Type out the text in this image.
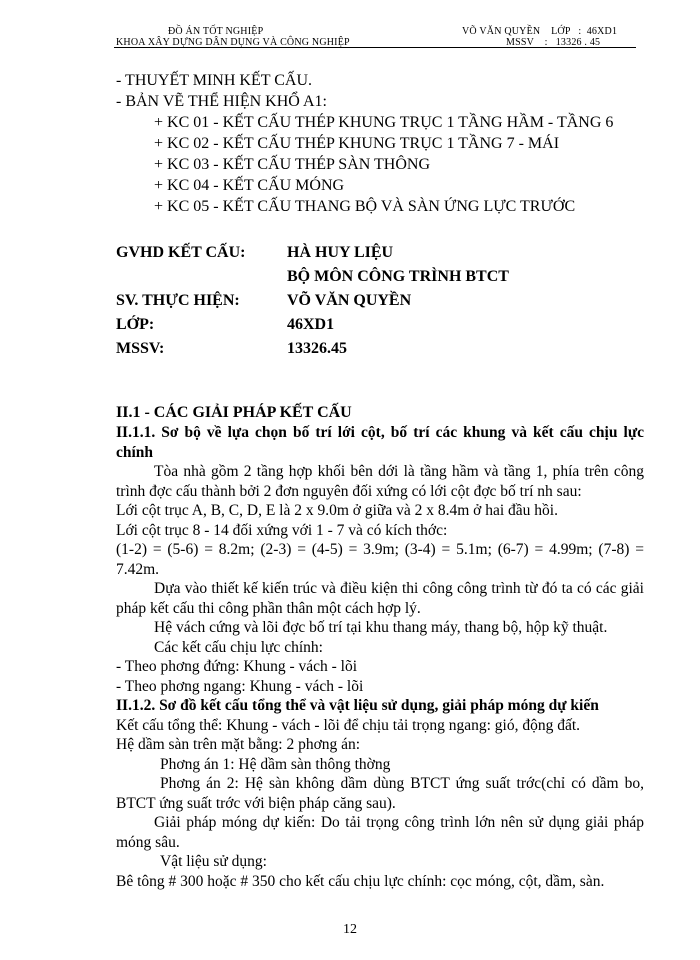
ĐỒ ÁN TỐT NGHIỆP
KHOA XÂY DỰNG DÂN DỤNG VÀ CÔNG NGHIỆP
VÕ VĂN QUYỀN    LỚP   :  46XD1
MSSV    :   13326 . 45
- THUYẾT MINH KẾT CẤU.
- BẢN VẼ THỂ HIỆN KHỔ A1:
+ KC 01 - KẾT CẤU THÉP KHUNG TRỤC 1 TẦNG HẦM - TẦNG 6
+ KC 02 - KẾT CẤU THÉP KHUNG TRỤC 1 TẦNG 7 - MÁI
+ KC 03 - KẾT CẤU THÉP SÀN THÔNG
+ KC 04 - KẾT CẤU MÓNG
+ KC 05 - KẾT CẤU THANG BỘ VÀ SÀN ỨNG LỰC TRƯỚC
GVHD KẾT CẤU:	HÀ HUY LIỆU
BỘ MÔN CÔNG TRÌNH BTCT
SV. THỰC HIỆN:	VÕ VĂN QUYỀN
LỚP:	46XD1
MSSV:	13326.45
II.1 - CÁC GIẢI PHÁP KẾT CẤU
II.1.1. Sơ bộ về lựa chọn bố trí lới cột, bố trí các khung và kết cấu chịu lực chính
Tòa nhà gồm 2 tầng hợp khối bên dới là tầng hầm và tầng 1, phía trên công trình đợc cấu thành bởi 2 đơn nguyên đối xứng có lới cột đợc bố trí nh sau:
Lới cột trục A, B, C, D, E là 2 x 9.0m ở giữa và 2 x 8.4m ở hai đầu hồi.
Lới cột trục 8 - 14 đối xứng với 1 - 7 và có kích thớc:
(1-2) = (5-6) = 8.2m; (2-3) = (4-5) = 3.9m; (3-4) = 5.1m; (6-7) = 4.99m; (7-8) = 7.42m.
Dựa vào thiết kế kiến trúc và điều kiện thi công công trình từ đó ta có các giải pháp kết cấu thi công phần thân một cách hợp lý.
Hệ vách cứng và lõi đợc bố trí tại khu thang máy, thang bộ, hộp kỹ thuật.
Các kết cấu chịu lực chính:
- Theo phơng đứng: Khung - vách - lõi
- Theo phơng ngang: Khung - vách - lõi
II.1.2. Sơ đồ kết cấu tổng thể và vật liệu sử dụng, giải pháp móng dự kiến
Kết cấu tổng thể: Khung - vách - lõi để chịu tải trọng ngang: gió, động đất.
Hệ dầm sàn trên mặt bằng: 2 phơng án:
Phơng án 1: Hệ dầm sàn thông thờng
Phơng án 2: Hệ sàn không dầm dùng BTCT ứng suất trớc(chỉ có dầm bo, BTCT ứng suất trớc với biện pháp căng sau).
Giải pháp móng dự kiến: Do tải trọng công trình lớn nên sử dụng giải pháp móng sâu.
Vật liệu sử dụng:
Bê tông # 300 hoặc # 350 cho kết cấu chịu lực chính: cọc móng, cột, dầm, sàn.
12
